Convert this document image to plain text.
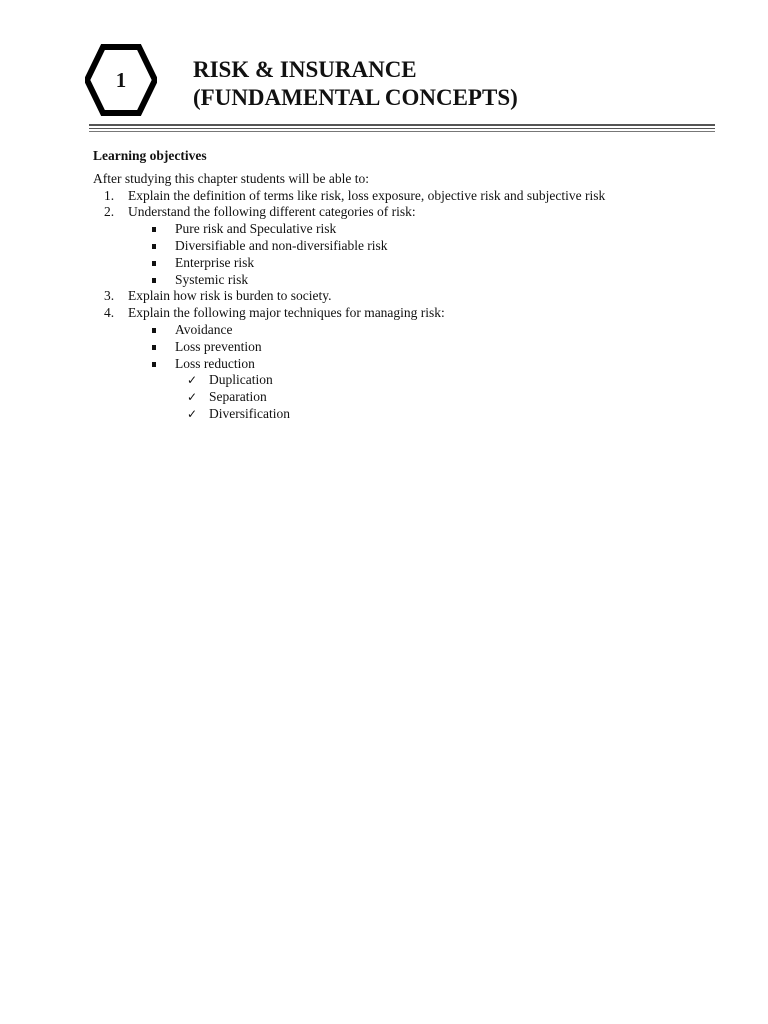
1	RISK & INSURANCE
(FUNDAMENTAL CONCEPTS)

Learning objectives

After studying this chapter students will be able to:

1. Explain the definition of terms like risk, loss exposure, objective risk and subjective risk
2. Understand the following different categories of risk:
Pure risk and Speculative risk
Diversifiable and non-diversifiable risk
Enterprise risk
Systemic risk
3. Explain how risk is burden to society.
4. Explain the following major techniques for managing risk:
Avoidance
Loss prevention
Loss reduction
✓ Duplication
✓ Separation
✓ Diversification
